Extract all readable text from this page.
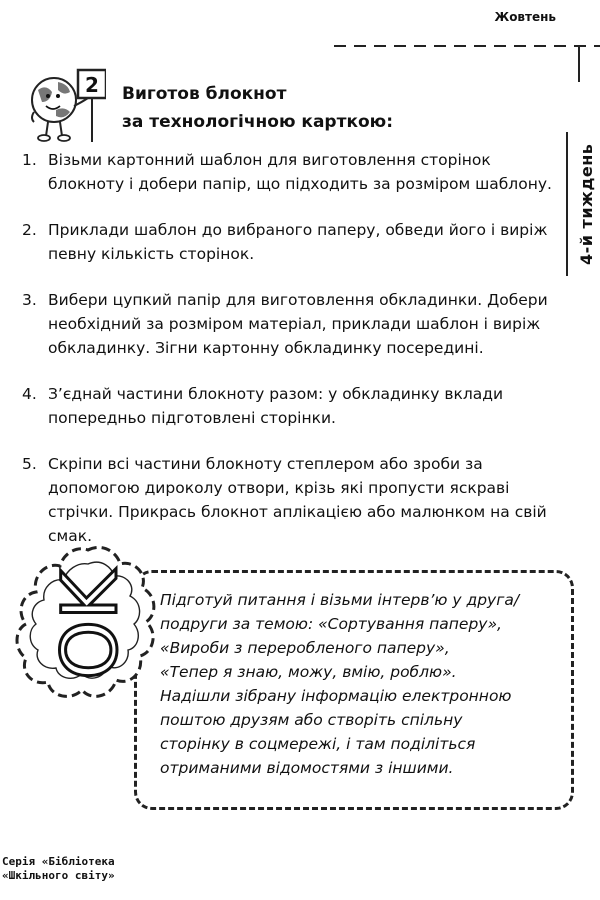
Жовтень
4-й тиждень
2 Виготов блокнот
за технологічною карткою:
1. Візьми картонний шаблон для виготовлення сторінок блокноту і добери папір, що підходить за розміром шаблону.
2. Приклади шаблон до вибраного паперу, обведи його і виріж певну кількість сторінок.
3. Вибери цупкий папір для виготовлення обкладинки. Добери необхідний за розміром матеріал, приклади шаблон і виріж обкладинку. Зігни картонну обкладинку посередині.
4. З’єднай частини блокноту разом: у обкладинку вклади попередньо підготовлені сторінки.
5. Скріпи всі частини блокноту степлером або зроби за допомогою дироколу отвори, крізь які пропусти яскраві стрічки. Прикрась блокнот аплікацією або малюнком на свій смак.
OK Підготуй питання і візьми інтерв’ю у друга/
подруги за темою: «Сортування паперу»,
«Вироби з переробленого паперу»,
«Тепер я знаю, можу, вмію, роблю».
Надішли зібрану інформацію електронною
поштою друзям або створіть спільну
сторінку в соцмережі, і там поділіться
отриманими відомостями з іншими.
Серія «Бібліотека
«Шкільного світу»
